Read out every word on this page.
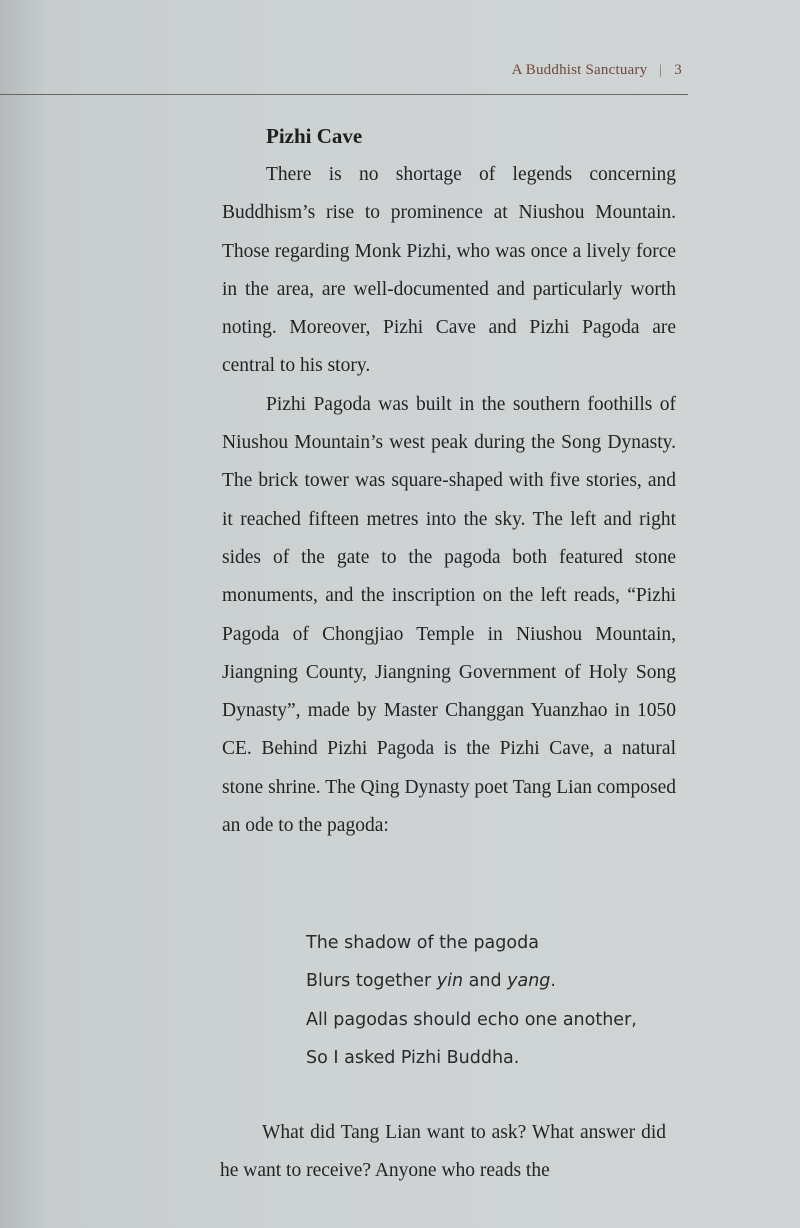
A Buddhist Sanctuary | 3
Pizhi Cave

There is no shortage of legends concerning Buddhism’s rise to prominence at Niushou Mountain. Those regarding Monk Pizhi, who was once a lively force in the area, are well-documented and particularly worth noting. Moreover, Pizhi Cave and Pizhi Pagoda are central to his story.

Pizhi Pagoda was built in the southern foothills of Niushou Mountain’s west peak during the Song Dynasty. The brick tower was square-shaped with five stories, and it reached fifteen metres into the sky. The left and right sides of the gate to the pagoda both featured stone monuments, and the inscription on the left reads, “Pizhi Pagoda of Chongjiao Temple in Niushou Mountain, Jiangning County, Jiangning Government of Holy Song Dynasty”, made by Master Changgan Yuanzhao in 1050 CE. Behind Pizhi Pagoda is the Pizhi Cave, a natural stone shrine. The Qing Dynasty poet Tang Lian composed an ode to the pagoda:

The shadow of the pagoda
Blurs together yin and yang.
All pagodas should echo one another,
So I asked Pizhi Buddha.

What did Tang Lian want to ask? What answer did he want to receive? Anyone who reads the
